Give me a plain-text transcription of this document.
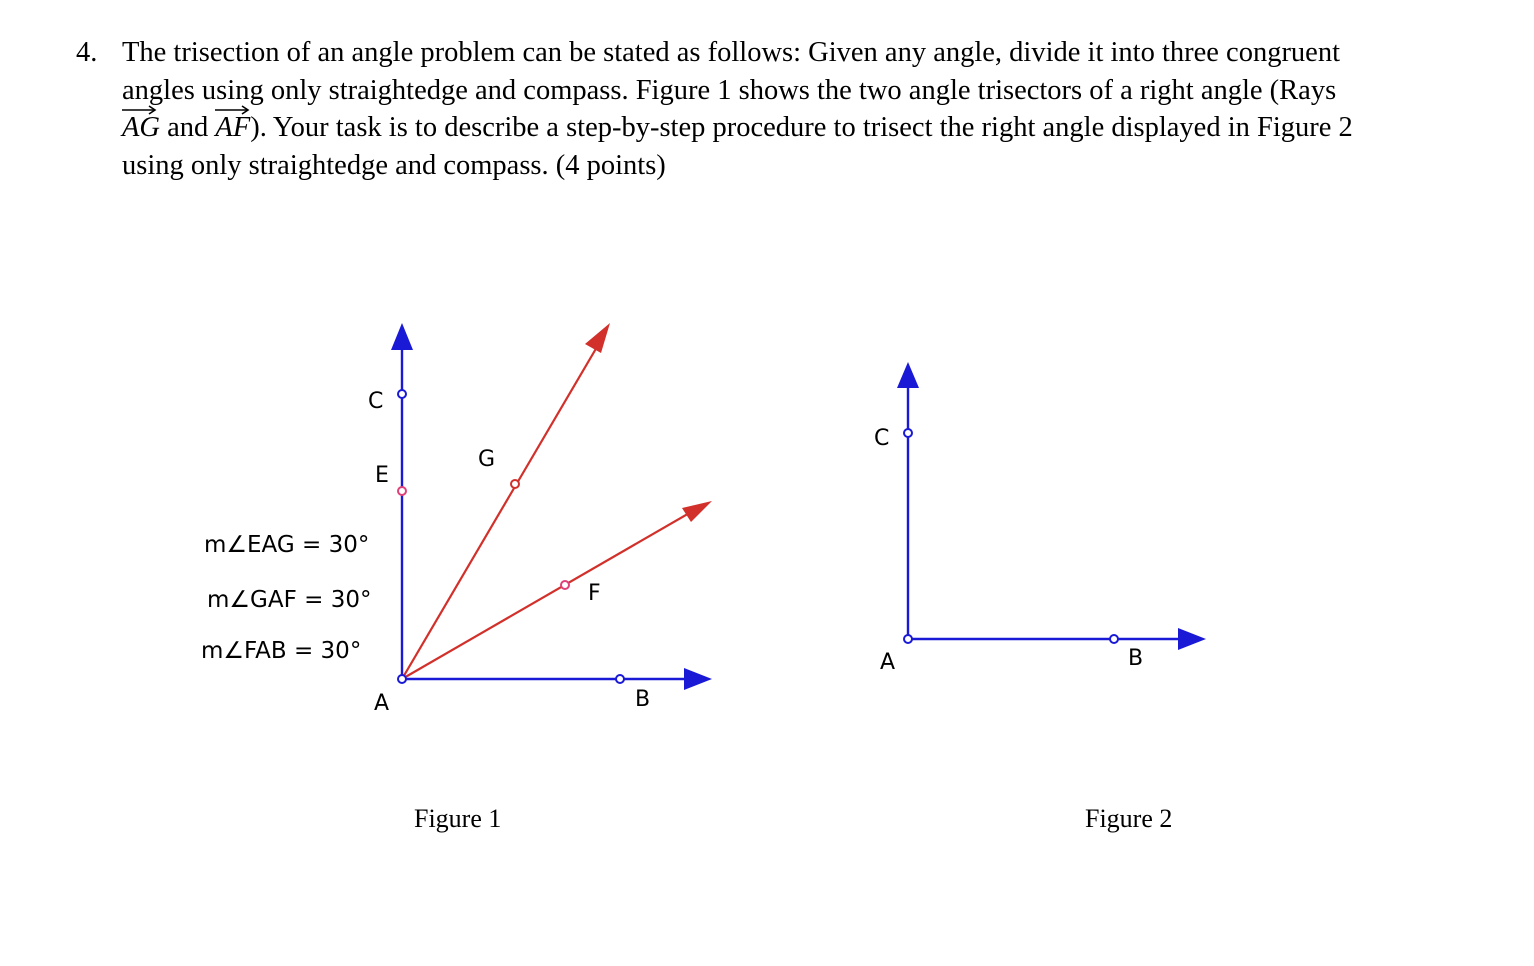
4. The trisection of an angle problem can be stated as follows: Given any angle, divide it into three congruent
angles using only straightedge and compass. Figure 1 shows the two angle trisectors of a right angle (Rays
AG and
AF). Your task is to describe a step-by-step procedure to trisect the right angle displayed in Figure 2
using only straightedge and compass. (4 points)
C
E
G
F
A	B
m∠EAG = 30°
m∠GAF = 30°
m∠FAB = 30°
Figure 1
C
A	B
Figure 2
